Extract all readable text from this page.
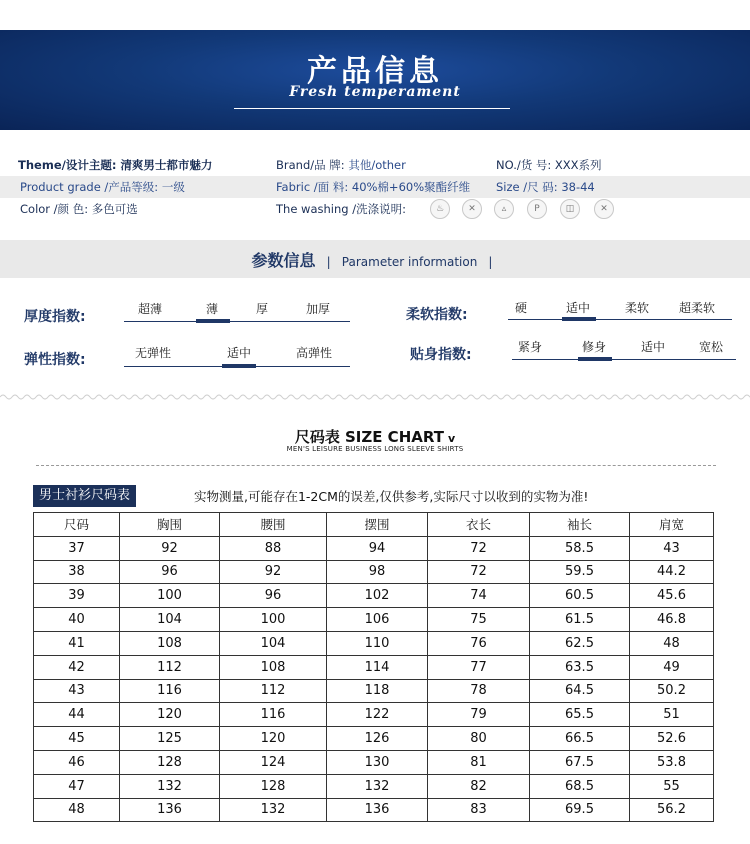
产品信息
Fresh temperament
Theme/设计主题: 清爽男士都市魅力	Brand/品 牌: 其他/other	NO./货 号: XXX系列
Product grade /产品等级: 一级	Fabric /面 料: 40%棉+60%聚酯纤维 Size /尺 码: 38-44
Color /颜 色: 多色可选	The washing /洗涤说明:	♨	✕	▵	P	◫	✕
参数信息 | Parameter information |
厚度指数:	超薄	薄	厚	加厚	柔软指数:	硬	适中	柔软 超柔软
弹性指数:	无弹性	适中	高弹性	贴身指数:	紧身	修身	适中	宽松
尺码表 SIZE CHART v
MEN'S LEISURE BUSINESS LONG SLEEVE SHIRTS
男士衬衫尺码表	实物测量,可能存在1-2CM的误差,仅供参考,实际尺寸以收到的实物为准!
尺码	胸围	腰围	摆围	衣长	袖长	肩宽
37	92	88	94	72	58.5	43
38	96	92	98	72	59.5	44.2
39	100	96	102	74	60.5	45.6
40	104	100	106	75	61.5	46.8
41	108	104	110	76	62.5	48
42	112	108	114	77	63.5	49
43	116	112	118	78	64.5	50.2
44	120	116	122	79	65.5	51
45	125	120	126	80	66.5	52.6
46	128	124	130	81	67.5	53.8
47	132	128	132	82	68.5	55
48	136	132	136	83	69.5	56.2
